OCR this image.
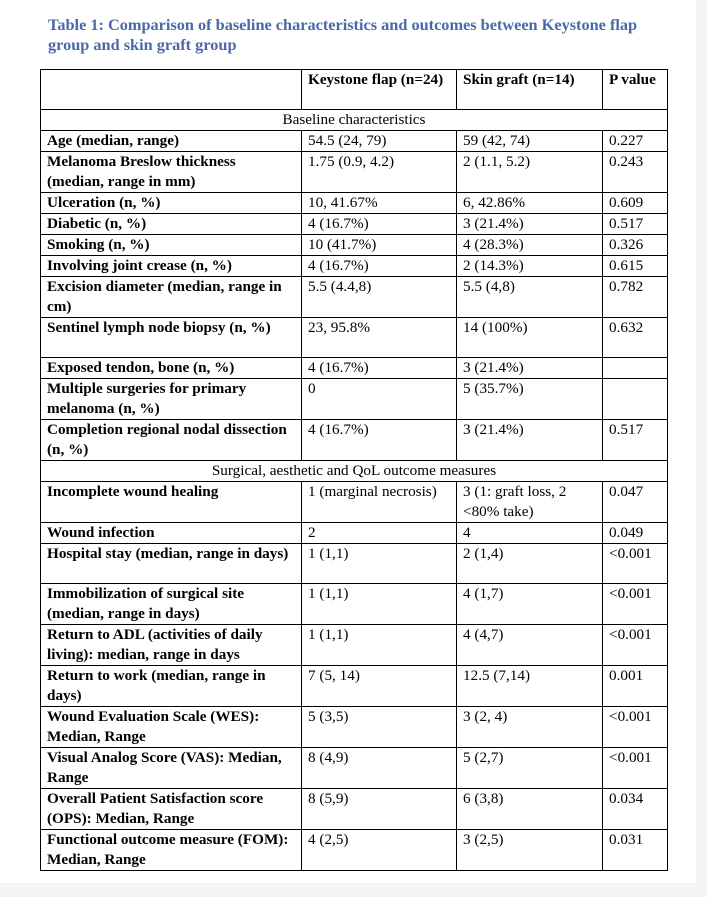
Table 1: Comparison of baseline characteristics and outcomes between Keystone flap group and skin graft group

	Keystone flap (n=24)	Skin graft (n=14)	P value
Baseline characteristics			
Age (median, range)	54.5 (24, 79)	59 (42, 74)	0.227
Melanoma Breslow thickness (median, range in mm)	1.75 (0.9, 4.2)	2 (1.1, 5.2)	0.243
Ulceration (n, %)	10, 41.67%	6, 42.86%	0.609
Diabetic (n, %)	4 (16.7%)	3 (21.4%)	0.517
Smoking (n, %)	10 (41.7%)	4 (28.3%)	0.326
Involving joint crease (n, %)	4 (16.7%)	2 (14.3%)	0.615
Excision diameter (median, range in cm)	5.5 (4.4,8)	5.5 (4,8)	0.782
Sentinel lymph node biopsy (n, %)	23, 95.8%	14 (100%)	0.632
Exposed tendon, bone (n, %)	4 (16.7%)	3 (21.4%)	
Multiple surgeries for primary melanoma (n, %)	0	5 (35.7%)	
Completion regional nodal dissection (n, %)	4 (16.7%)	3 (21.4%)	0.517
Surgical, aesthetic and QoL outcome measures			
Incomplete wound healing	1 (marginal necrosis)	3 (1: graft loss, 2 <80% take)	0.047
Wound infection	2	4	0.049
Hospital stay (median, range in days)	1 (1,1)	2 (1,4)	<0.001
Immobilization of surgical site (median, range in days)	1 (1,1)	4 (1,7)	<0.001
Return to ADL (activities of daily living): median, range in days	1 (1,1)	4 (4,7)	<0.001
Return to work (median, range in days)	7 (5, 14)	12.5 (7,14)	0.001
Wound Evaluation Scale (WES): Median, Range	5 (3,5)	3 (2, 4)	<0.001
Visual Analog Score (VAS): Median, Range	8 (4,9)	5 (2,7)	<0.001
Overall Patient Satisfaction score (OPS): Median, Range	8 (5,9)	6 (3,8)	0.034
Functional outcome measure (FOM): Median, Range	4 (2,5)	3 (2,5)	0.031
